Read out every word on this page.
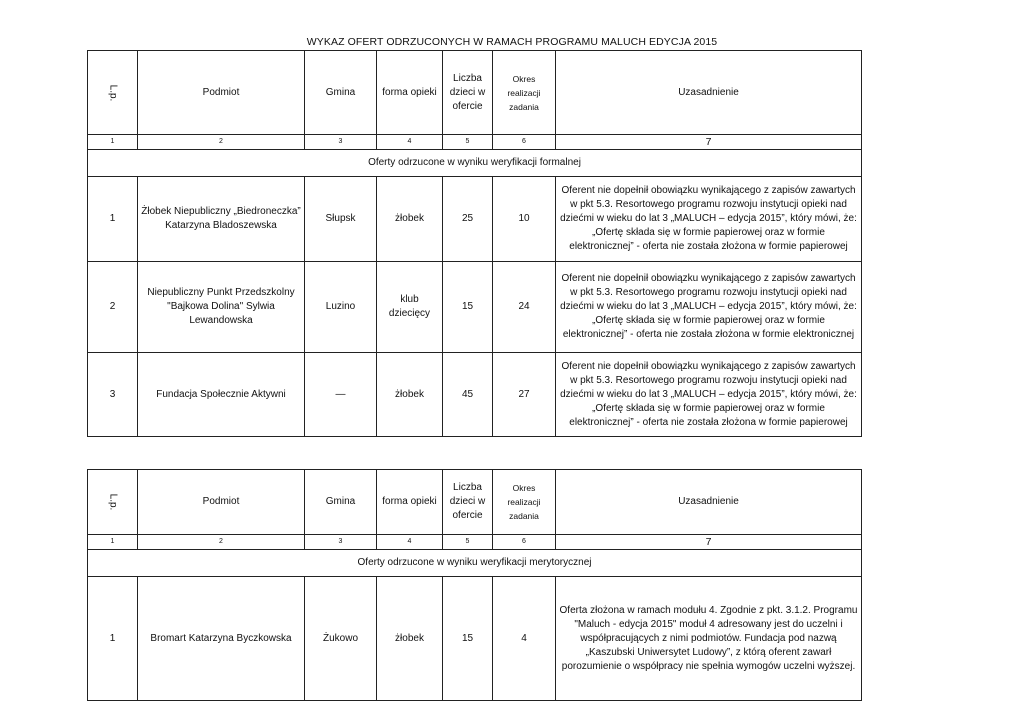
WYKAZ OFERT ODRZUCONYCH W RAMACH PROGRAMU MALUCH EDYCJA 2015
L.p.	Podmiot	Gmina	forma opieki	Liczba dzieci w ofercie	Okres realizacji zadania	Uzasadnienie
1	2	3	4	5	6	7
Oferty odrzucone w wyniku weryfikacji formalnej						
1	Żłobek Niepubliczny „Biedroneczka” Katarzyna Bladoszewska	Słupsk	żłobek	25	10	Oferent nie dopełnił obowiązku wynikającego z zapisów zawartych w pkt 5.3. Resortowego programu rozwoju instytucji opieki nad dziećmi w wieku do lat 3 „MALUCH – edycja 2015”, który mówi, że: „Ofertę składa się w formie papierowej oraz w formie elektronicznej” - oferta nie została złożona w formie papierowej
2	Niepubliczny Punkt Przedszkolny "Bajkowa Dolina" Sylwia Lewandowska	Luzino	klub dziecięcy	15	24	Oferent nie dopełnił obowiązku wynikającego z zapisów zawartych w pkt 5.3. Resortowego programu rozwoju instytucji opieki nad dziećmi w wieku do lat 3 „MALUCH – edycja 2015”, który mówi, że: „Ofertę składa się w formie papierowej oraz w formie elektronicznej” - oferta nie została złożona w formie elektronicznej
3	Fundacja Społecznie Aktywni	—	żłobek	45	27	Oferent nie dopełnił obowiązku wynikającego z zapisów zawartych w pkt 5.3. Resortowego programu rozwoju instytucji opieki nad dziećmi w wieku do lat 3 „MALUCH – edycja 2015”, który mówi, że: „Ofertę składa się w formie papierowej oraz w formie elektronicznej” - oferta nie została złożona w formie papierowej
L.p.	Podmiot	Gmina	forma opieki	Liczba dzieci w ofercie	Okres realizacji zadania	Uzasadnienie
1	2	3	4	5	6	7
Oferty odrzucone w wyniku weryfikacji merytorycznej						
1	Bromart Katarzyna Byczkowska	Żukowo	żłobek	15	4	Oferta złożona w ramach modułu 4. Zgodnie z pkt. 3.1.2. Programu "Maluch - edycja 2015" moduł 4 adresowany jest do uczelni i współpracujących z nimi podmiotów. Fundacja pod nazwą „Kaszubski Uniwersytet Ludowy”, z którą oferent zawarł porozumienie o współpracy nie spełnia wymogów uczelni wyższej.
